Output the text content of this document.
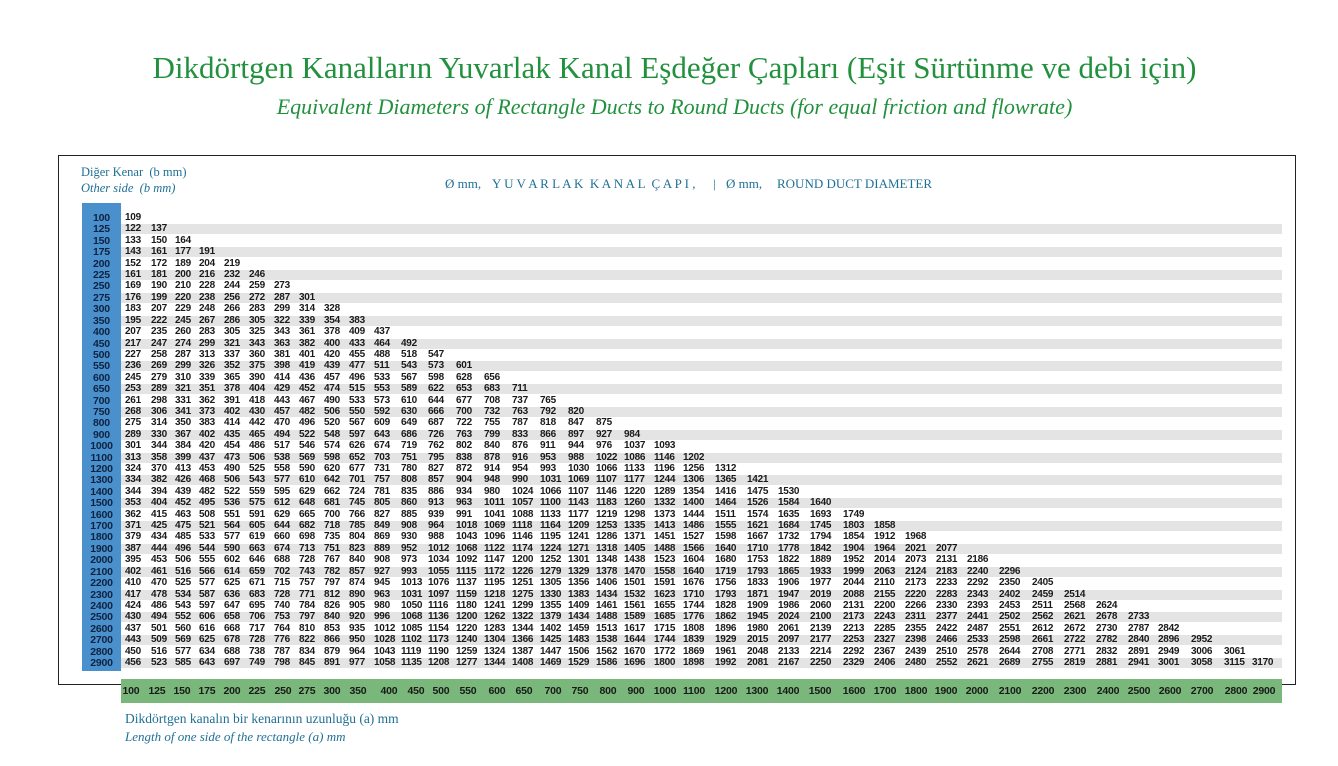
Dikdörtgen Kanalların Yuvarlak Kanal Eşdeğer Çapları (Eşit Sürtünme ve debi için)
Equivalent Diameters of Rectangle Ducts to Round Ducts (for equal friction and flowrate)
Diğer Kenar  (b mm)
Other side  (b mm)	Ø mm, Y U V A R L A K  K A N A L  Ç A P I , | Ø mm, ROUND DUCT DIAMETER
100	109
125	122 137
150	133 150 164
175	143 161 177 191
200	152 172 189 204 219
225	161 181 200 216 232 246
250	169 190 210 228 244 259 273
275	176 199 220 238 256 272 287 301
300	183 207 229 248 266 283 299 314 328
350	195 222 245 267 286 305 322 339 354 383
400	207 235 260 283 305 325 343 361 378 409 437
450	217 247 274 299 321 343 363 382 400 433 464 492
500	227 258 287 313 337 360 381 401 420 455 488 518 547
550	236 269 299 326 352 375 398 419 439 477 511 543 573 601
600	245 279 310 339 365 390 414 436 457 496 533 567 598 628 656
650	253 289 321 351 378 404 429 452 474 515 553 589 622 653 683 711
700	261 298 331 362 391 418 443 467 490 533 573 610 644 677 708 737 765
750	268 306 341 373 402 430 457 482 506 550 592 630 666 700 732 763 792 820
800	275 314 350 383 414 442 470 496 520 567 609 649 687 722 755 787 818 847 875
900	289 330 367 402 435 465 494 522 548 597 643 686 726 763 799 833 866 897 927 984
1000	301 344 384 420 454 486 517 546 574 626 674 719 762 802 840 876 911 944 976 1037 1093
1100	313 358 399 437 473 506 538 569 598 652 703 751 795 838 878 916 953 988 1022 1086 1146 1202
1200	324 370 413 453 490 525 558 590 620 677 731 780 827 872 914 954 993 1030 1066 1133 1196 1256 1312
1300	334 382 426 468 506 543 577 610 642 701 757 808 857 904 948 990 1031 1069 1107 1177 1244 1306 1365 1421
1400	344 394 439 482 522 559 595 629 662 724 781 835 886 934 980 1024 1066 1107 1146 1220 1289 1354 1416 1475 1530
1500	353 404 452 495 536 575 612 648 681 745 805 860 913 963 1011 1057 1100 1143 1183 1260 1332 1400 1464 1526 1584 1640
1600	362 415 463 508 551 591 629 665 700 766 827 885 939 991 1041 1088 1133 1177 1219 1298 1373 1444 1511 1574 1635 1693 1749
1700	371 425 475 521 564 605 644 682 718 785 849 908 964 1018 1069 1118 1164 1209 1253 1335 1413 1486 1555 1621 1684 1745 1803 1858
1800	379 434 485 533 577 619 660 698 735 804 869 930 988 1043 1096 1146 1195 1241 1286 1371 1451 1527 1598 1667 1732 1794 1854 1912 1968
1900	387 444 496 544 590 663 674 713 751 823 889 952 1012 1068 1122 1174 1224 1271 1318 1405 1488 1566 1640 1710 1778 1842 1904 1964 2021 2077
2000	395 453 506 555 602 646 688 728 767 840 908 973 1034 1092 1147 1200 1252 1301 1348 1438 1523 1604 1680 1753 1822 1889 1952 2014 2073 2131 2186
2100	402 461 516 566 614 659 702 743 782 857 927 993 1055 1115 1172 1226 1279 1329 1378 1470 1558 1640 1719 1793 1865 1933 1999 2063 2124 2183 2240 2296
2200	410 470 525 577 625 671 715 757 797 874 945 1013 1076 1137 1195 1251 1305 1356 1406 1501 1591 1676 1756 1833 1906 1977 2044 2110 2173 2233 2292 2350 2405
2300	417 478 534 587 636 683 728 771 812 890 963 1031 1097 1159 1218 1275 1330 1383 1434 1532 1623 1710 1793 1871 1947 2019 2088 2155 2220 2283 2343 2402 2459 2514
2400	424 486 543 597 647 695 740 784 826 905 980 1050 1116 1180 1241 1299 1355 1409 1461 1561 1655 1744 1828 1909 1986 2060 2131 2200 2266 2330 2393 2453 2511 2568 2624
2500	430 494 552 606 658 706 753 797 840 920 996 1068 1136 1200 1262 1322 1379 1434 1488 1589 1685 1776 1862 1945 2024 2100 2173 2243 2311 2377 2441 2502 2562 2621 2678 2733
2600	437 501 560 616 668 717 764 810 853 935 1012 1085 1154 1220 1283 1344 1402 1459 1513 1617 1715 1808 1896 1980 2061 2139 2213 2285 2355 2422 2487 2551 2612 2672 2730 2787 2842
2700	443 509 569 625 678 728 776 822 866 950 1028 1102 1173 1240 1304 1366 1425 1483 1538 1644 1744 1839 1929 2015 2097 2177 2253 2327 2398 2466 2533 2598 2661 2722 2782 2840 2896 2952
2800	450 516 577 634 688 738 787 834 879 964 1043 1119 1190 1259 1324 1387 1447 1506 1562 1670 1772 1869 1961 2048 2133 2214 2292 2367 2439 2510 2578 2644 2708 2771 2832 2891 2949 3006 3061
2900	456 523 585 643 697 749 798 845 891 977 1058 1135 1208 1277 1344 1408 1469 1529 1586 1696 1800 1898 1992 2081 2167 2250 2329 2406 2480 2552 2621 2689 2755 2819 2881 2941 3001 3058 3115 3170
100 125 150 175 200 225 250 275 300 350	400 450 500 550	600 650	700 750	800	900 1000 1100 1200 1300 1400 1500	1600 1700 1800 1900 2000 2100 2200 2300 2400 2500 2600 2700	2800 2900
Dikdörtgen kanalın bir kenarının uzunluğu (a) mm
Length of one side of the rectangle (a) mm
